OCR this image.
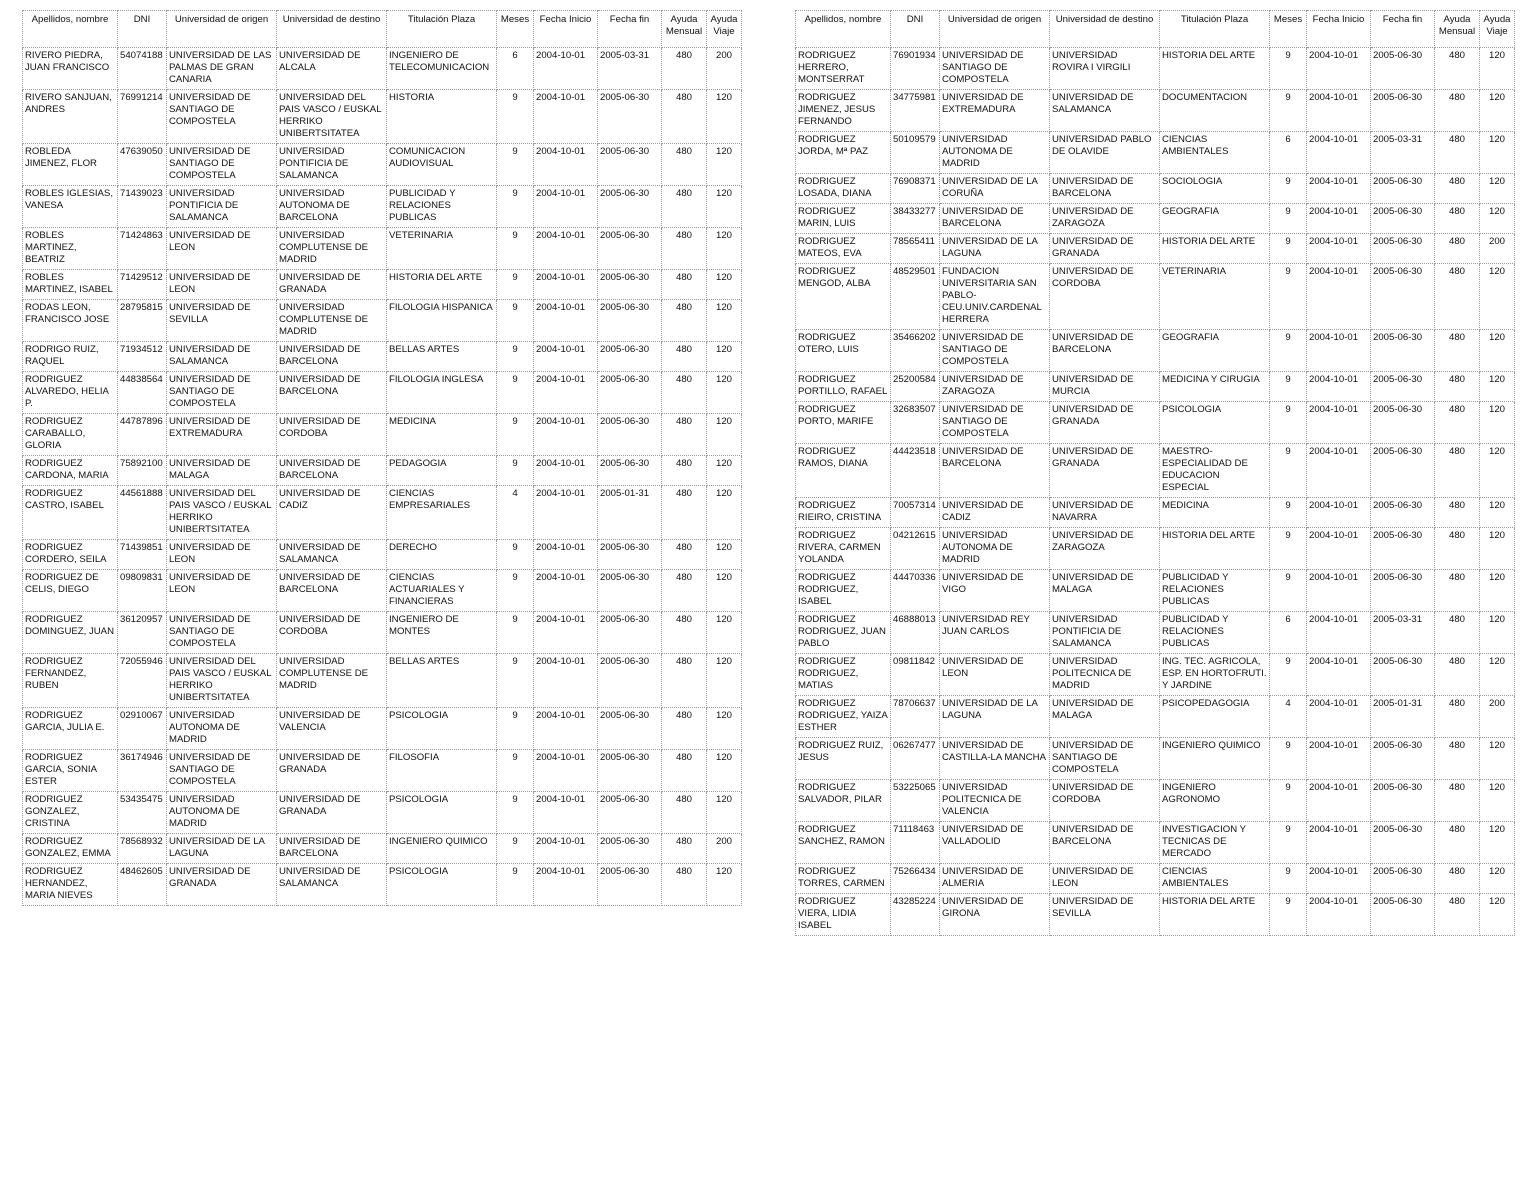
Apellidos, nombre	DNI	Universidad de origen	Universidad de destino	Titulación Plaza	Meses	Fecha Inicio	Fecha fin	Ayuda Mensual	Ayuda Viaje
RIVERO PIEDRA, JUAN FRANCISCO	54074188	UNIVERSIDAD DE LAS PALMAS DE GRAN CANARIA	UNIVERSIDAD DE ALCALA	INGENIERO DE TELECOMUNICACION	6	2004-10-01	2005-03-31	480	200
RIVERO SANJUAN, ANDRES	76991214	UNIVERSIDAD DE SANTIAGO DE COMPOSTELA	UNIVERSIDAD DEL PAIS VASCO / EUSKAL HERRIKO UNIBERTSITATEA	HISTORIA	9	2004-10-01	2005-06-30	480	120
ROBLEDA JIMENEZ, FLOR	47639050	UNIVERSIDAD DE SANTIAGO DE COMPOSTELA	UNIVERSIDAD PONTIFICIA DE SALAMANCA	COMUNICACION AUDIOVISUAL	9	2004-10-01	2005-06-30	480	120
ROBLES IGLESIAS, VANESA	71439023	UNIVERSIDAD PONTIFICIA DE SALAMANCA	UNIVERSIDAD AUTONOMA DE BARCELONA	PUBLICIDAD Y RELACIONES PUBLICAS	9	2004-10-01	2005-06-30	480	120
ROBLES MARTINEZ, BEATRIZ	71424863	UNIVERSIDAD DE LEON	UNIVERSIDAD COMPLUTENSE DE MADRID	VETERINARIA	9	2004-10-01	2005-06-30	480	120
ROBLES MARTINEZ, ISABEL	71429512	UNIVERSIDAD DE LEON	UNIVERSIDAD DE GRANADA	HISTORIA DEL ARTE	9	2004-10-01	2005-06-30	480	120
RODAS LEON, FRANCISCO JOSE	28795815	UNIVERSIDAD DE SEVILLA	UNIVERSIDAD COMPLUTENSE DE MADRID	FILOLOGIA HISPANICA	9	2004-10-01	2005-06-30	480	120
RODRIGO RUIZ, RAQUEL	71934512	UNIVERSIDAD DE SALAMANCA	UNIVERSIDAD DE BARCELONA	BELLAS ARTES	9	2004-10-01	2005-06-30	480	120
RODRIGUEZ ALVAREDO, HELIA P.	44838564	UNIVERSIDAD DE SANTIAGO DE COMPOSTELA	UNIVERSIDAD DE BARCELONA	FILOLOGIA INGLESA	9	2004-10-01	2005-06-30	480	120
RODRIGUEZ CARABALLO, GLORIA	44787896	UNIVERSIDAD DE EXTREMADURA	UNIVERSIDAD DE CORDOBA	MEDICINA	9	2004-10-01	2005-06-30	480	120
RODRIGUEZ CARDONA, MARIA	75892100	UNIVERSIDAD DE MALAGA	UNIVERSIDAD DE BARCELONA	PEDAGOGIA	9	2004-10-01	2005-06-30	480	120
RODRIGUEZ CASTRO, ISABEL	44561888	UNIVERSIDAD DEL PAIS VASCO / EUSKAL HERRIKO UNIBERTSITATEA	UNIVERSIDAD DE CADIZ	CIENCIAS EMPRESARIALES	4	2004-10-01	2005-01-31	480	120
RODRIGUEZ CORDERO, SEILA	71439851	UNIVERSIDAD DE LEON	UNIVERSIDAD DE SALAMANCA	DERECHO	9	2004-10-01	2005-06-30	480	120
RODRIGUEZ DE CELIS, DIEGO	09809831	UNIVERSIDAD DE LEON	UNIVERSIDAD DE BARCELONA	CIENCIAS ACTUARIALES Y FINANCIERAS	9	2004-10-01	2005-06-30	480	120
RODRIGUEZ DOMINGUEZ, JUAN	36120957	UNIVERSIDAD DE SANTIAGO DE COMPOSTELA	UNIVERSIDAD DE CORDOBA	INGENIERO DE MONTES	9	2004-10-01	2005-06-30	480	120
RODRIGUEZ FERNANDEZ, RUBEN	72055946	UNIVERSIDAD DEL PAIS VASCO / EUSKAL HERRIKO UNIBERTSITATEA	UNIVERSIDAD COMPLUTENSE DE MADRID	BELLAS ARTES	9	2004-10-01	2005-06-30	480	120
RODRIGUEZ GARCIA, JULIA E.	02910067	UNIVERSIDAD AUTONOMA DE MADRID	UNIVERSIDAD DE VALENCIA	PSICOLOGIA	9	2004-10-01	2005-06-30	480	120
RODRIGUEZ GARCIA, SONIA ESTER	36174946	UNIVERSIDAD DE SANTIAGO DE COMPOSTELA	UNIVERSIDAD DE GRANADA	FILOSOFIA	9	2004-10-01	2005-06-30	480	120
RODRIGUEZ GONZALEZ, CRISTINA	53435475	UNIVERSIDAD AUTONOMA DE MADRID	UNIVERSIDAD DE GRANADA	PSICOLOGIA	9	2004-10-01	2005-06-30	480	120
RODRIGUEZ GONZALEZ, EMMA	78568932	UNIVERSIDAD DE LA LAGUNA	UNIVERSIDAD DE BARCELONA	INGENIERO QUIMICO	9	2004-10-01	2005-06-30	480	200
RODRIGUEZ HERNANDEZ, MARIA NIEVES	48462605	UNIVERSIDAD DE GRANADA	UNIVERSIDAD DE SALAMANCA	PSICOLOGIA	9	2004-10-01	2005-06-30	480	120
Apellidos, nombre	DNI	Universidad de origen	Universidad de destino	Titulación Plaza	Meses	Fecha Inicio	Fecha fin	Ayuda Mensual	Ayuda Viaje
RODRIGUEZ HERRERO, MONTSERRAT	76901934	UNIVERSIDAD DE SANTIAGO DE COMPOSTELA	UNIVERSIDAD ROVIRA I VIRGILI	HISTORIA DEL ARTE	9	2004-10-01	2005-06-30	480	120
RODRIGUEZ JIMENEZ, JESUS FERNANDO	34775981	UNIVERSIDAD DE EXTREMADURA	UNIVERSIDAD DE SALAMANCA	DOCUMENTACION	9	2004-10-01	2005-06-30	480	120
RODRIGUEZ JORDA, Mª PAZ	50109579	UNIVERSIDAD AUTONOMA DE MADRID	UNIVERSIDAD PABLO DE OLAVIDE	CIENCIAS AMBIENTALES	6	2004-10-01	2005-03-31	480	120
RODRIGUEZ LOSADA, DIANA	76908371	UNIVERSIDAD DE LA CORUÑA	UNIVERSIDAD DE BARCELONA	SOCIOLOGIA	9	2004-10-01	2005-06-30	480	120
RODRIGUEZ MARIN, LUIS	38433277	UNIVERSIDAD DE BARCELONA	UNIVERSIDAD DE ZARAGOZA	GEOGRAFIA	9	2004-10-01	2005-06-30	480	120
RODRIGUEZ MATEOS, EVA	78565411	UNIVERSIDAD DE LA LAGUNA	UNIVERSIDAD DE GRANADA	HISTORIA DEL ARTE	9	2004-10-01	2005-06-30	480	200
RODRIGUEZ MENGOD, ALBA	48529501	FUNDACION UNIVERSITARIA SAN PABLO-CEU.UNIV.CARDENAL HERRERA	UNIVERSIDAD DE CORDOBA	VETERINARIA	9	2004-10-01	2005-06-30	480	120
RODRIGUEZ OTERO, LUIS	35466202	UNIVERSIDAD DE SANTIAGO DE COMPOSTELA	UNIVERSIDAD DE BARCELONA	GEOGRAFIA	9	2004-10-01	2005-06-30	480	120
RODRIGUEZ PORTILLO, RAFAEL	25200584	UNIVERSIDAD DE ZARAGOZA	UNIVERSIDAD DE MURCIA	MEDICINA Y CIRUGIA	9	2004-10-01	2005-06-30	480	120
RODRIGUEZ PORTO, MARIFE	32683507	UNIVERSIDAD DE SANTIAGO DE COMPOSTELA	UNIVERSIDAD DE GRANADA	PSICOLOGIA	9	2004-10-01	2005-06-30	480	120
RODRIGUEZ RAMOS, DIANA	44423518	UNIVERSIDAD DE BARCELONA	UNIVERSIDAD DE GRANADA	MAESTRO-ESPECIALIDAD DE EDUCACION ESPECIAL	9	2004-10-01	2005-06-30	480	120
RODRIGUEZ RIEIRO, CRISTINA	70057314	UNIVERSIDAD DE CADIZ	UNIVERSIDAD DE NAVARRA	MEDICINA	9	2004-10-01	2005-06-30	480	120
RODRIGUEZ RIVERA, CARMEN YOLANDA	04212615	UNIVERSIDAD AUTONOMA DE MADRID	UNIVERSIDAD DE ZARAGOZA	HISTORIA DEL ARTE	9	2004-10-01	2005-06-30	480	120
RODRIGUEZ RODRIGUEZ, ISABEL	44470336	UNIVERSIDAD DE VIGO	UNIVERSIDAD DE MALAGA	PUBLICIDAD Y RELACIONES PUBLICAS	9	2004-10-01	2005-06-30	480	120
RODRIGUEZ RODRIGUEZ, JUAN PABLO	46888013	UNIVERSIDAD REY JUAN CARLOS	UNIVERSIDAD PONTIFICIA DE SALAMANCA	PUBLICIDAD Y RELACIONES PUBLICAS	6	2004-10-01	2005-03-31	480	120
RODRIGUEZ RODRIGUEZ, MATIAS	09811842	UNIVERSIDAD DE LEON	UNIVERSIDAD POLITECNICA DE MADRID	ING. TEC. AGRICOLA, ESP. EN HORTOFRUTI. Y JARDINE	9	2004-10-01	2005-06-30	480	120
RODRIGUEZ RODRIGUEZ, YAIZA ESTHER	78706637	UNIVERSIDAD DE LA LAGUNA	UNIVERSIDAD DE MALAGA	PSICOPEDAGOGIA	4	2004-10-01	2005-01-31	480	200
RODRIGUEZ RUIZ, JESUS	06267477	UNIVERSIDAD DE CASTILLA-LA MANCHA	UNIVERSIDAD DE SANTIAGO DE COMPOSTELA	INGENIERO QUIMICO	9	2004-10-01	2005-06-30	480	120
RODRIGUEZ SALVADOR, PILAR	53225065	UNIVERSIDAD POLITECNICA DE VALENCIA	UNIVERSIDAD DE CORDOBA	INGENIERO AGRONOMO	9	2004-10-01	2005-06-30	480	120
RODRIGUEZ SANCHEZ, RAMON	71118463	UNIVERSIDAD DE VALLADOLID	UNIVERSIDAD DE BARCELONA	INVESTIGACION Y TECNICAS DE MERCADO	9	2004-10-01	2005-06-30	480	120
RODRIGUEZ TORRES, CARMEN	75266434	UNIVERSIDAD DE ALMERIA	UNIVERSIDAD DE LEON	CIENCIAS AMBIENTALES	9	2004-10-01	2005-06-30	480	120
RODRIGUEZ VIERA, LIDIA ISABEL	43285224	UNIVERSIDAD DE GIRONA	UNIVERSIDAD DE SEVILLA	HISTORIA DEL ARTE	9	2004-10-01	2005-06-30	480	120
